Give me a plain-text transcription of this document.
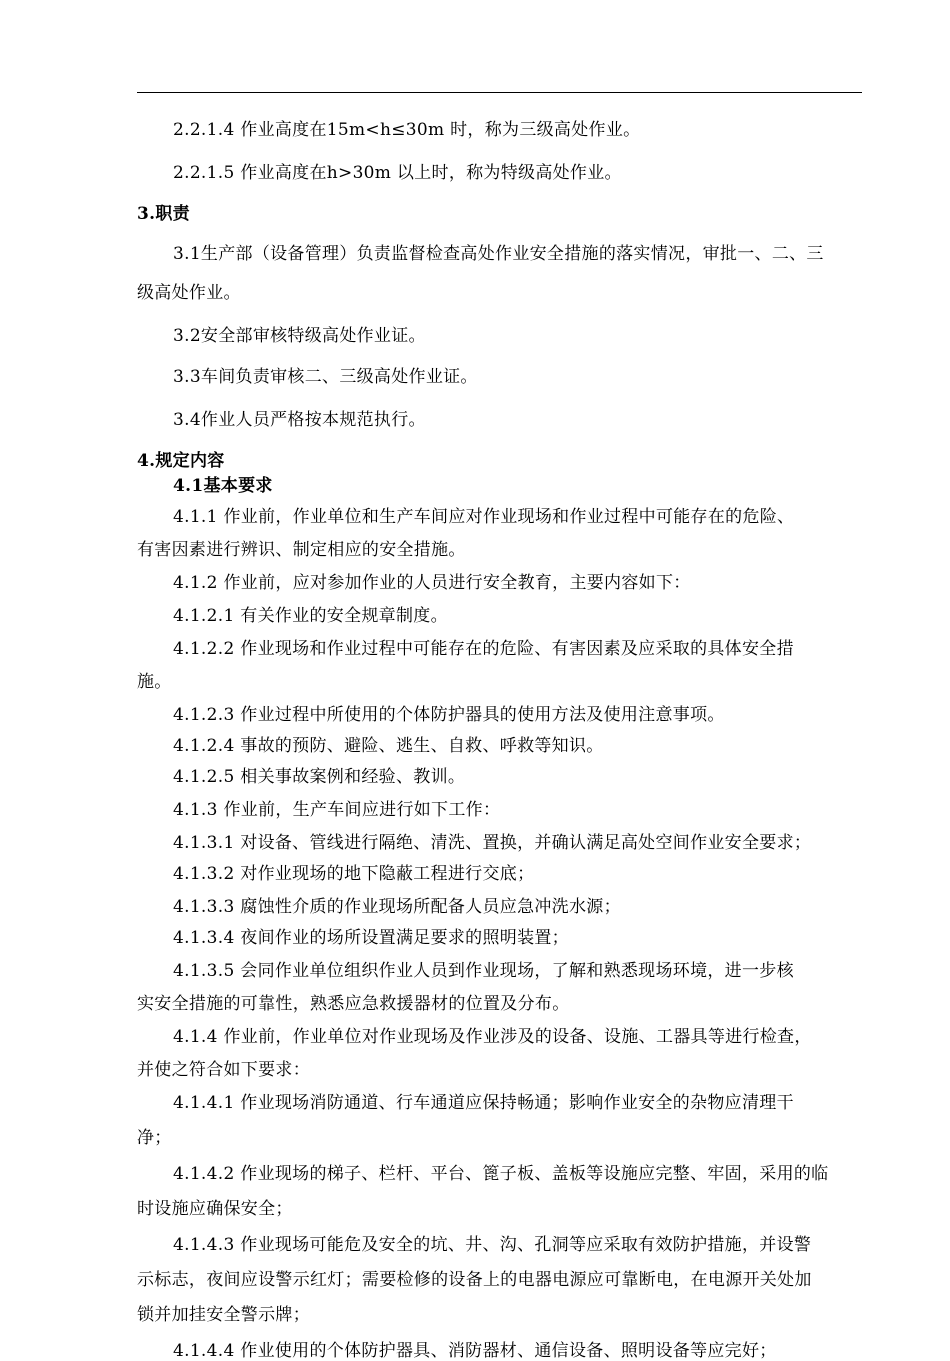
2.2.1.4 作业高度在15m<h≤30m 时，称为三级高处作业。

2.2.1.5 作业高度在h>30m 以上时，称为特级高处作业。

3.职责

3.1生产部（设备管理）负责监督检查高处作业安全措施的落实情况，审批一、二、三

级高处作业。

3.2安全部审核特级高处作业证。

3.3车间负责审核二、三级高处作业证。

3.4作业人员严格按本规范执行。

4.规定内容

4.1基本要求

4.1.1 作业前，作业单位和生产车间应对作业现场和作业过程中可能存在的危险、

有害因素进行辨识、制定相应的安全措施。

4.1.2 作业前，应对参加作业的人员进行安全教育，主要内容如下：

4.1.2.1 有关作业的安全规章制度。

4.1.2.2 作业现场和作业过程中可能存在的危险、有害因素及应采取的具体安全措

施。

4.1.2.3 作业过程中所使用的个体防护器具的使用方法及使用注意事项。

4.1.2.4 事故的预防、避险、逃生、自救、呼救等知识。

4.1.2.5 相关事故案例和经验、教训。

4.1.3 作业前，生产车间应进行如下工作：

4.1.3.1 对设备、管线进行隔绝、清洗、置换，并确认满足高处空间作业安全要求；

4.1.3.2 对作业现场的地下隐蔽工程进行交底；

4.1.3.3 腐蚀性介质的作业现场所配备人员应急冲洗水源；

4.1.3.4 夜间作业的场所设置满足要求的照明装置；

4.1.3.5 会同作业单位组织作业人员到作业现场，了解和熟悉现场环境，进一步核

实安全措施的可靠性，熟悉应急救援器材的位置及分布。

4.1.4 作业前，作业单位对作业现场及作业涉及的设备、设施、工器具等进行检查，

并使之符合如下要求：

4.1.4.1 作业现场消防通道、行车通道应保持畅通；影响作业安全的杂物应清理干

净；

4.1.4.2 作业现场的梯子、栏杆、平台、篦子板、盖板等设施应完整、牢固，采用的临

时设施应确保安全；

4.1.4.3 作业现场可能危及安全的坑、井、沟、孔洞等应采取有效防护措施，并设警

示标志，夜间应设警示红灯；需要检修的设备上的电器电源应可靠断电，在电源开关处加

锁并加挂安全警示牌；

4.1.4.4 作业使用的个体防护器具、消防器材、通信设备、照明设备等应完好；
